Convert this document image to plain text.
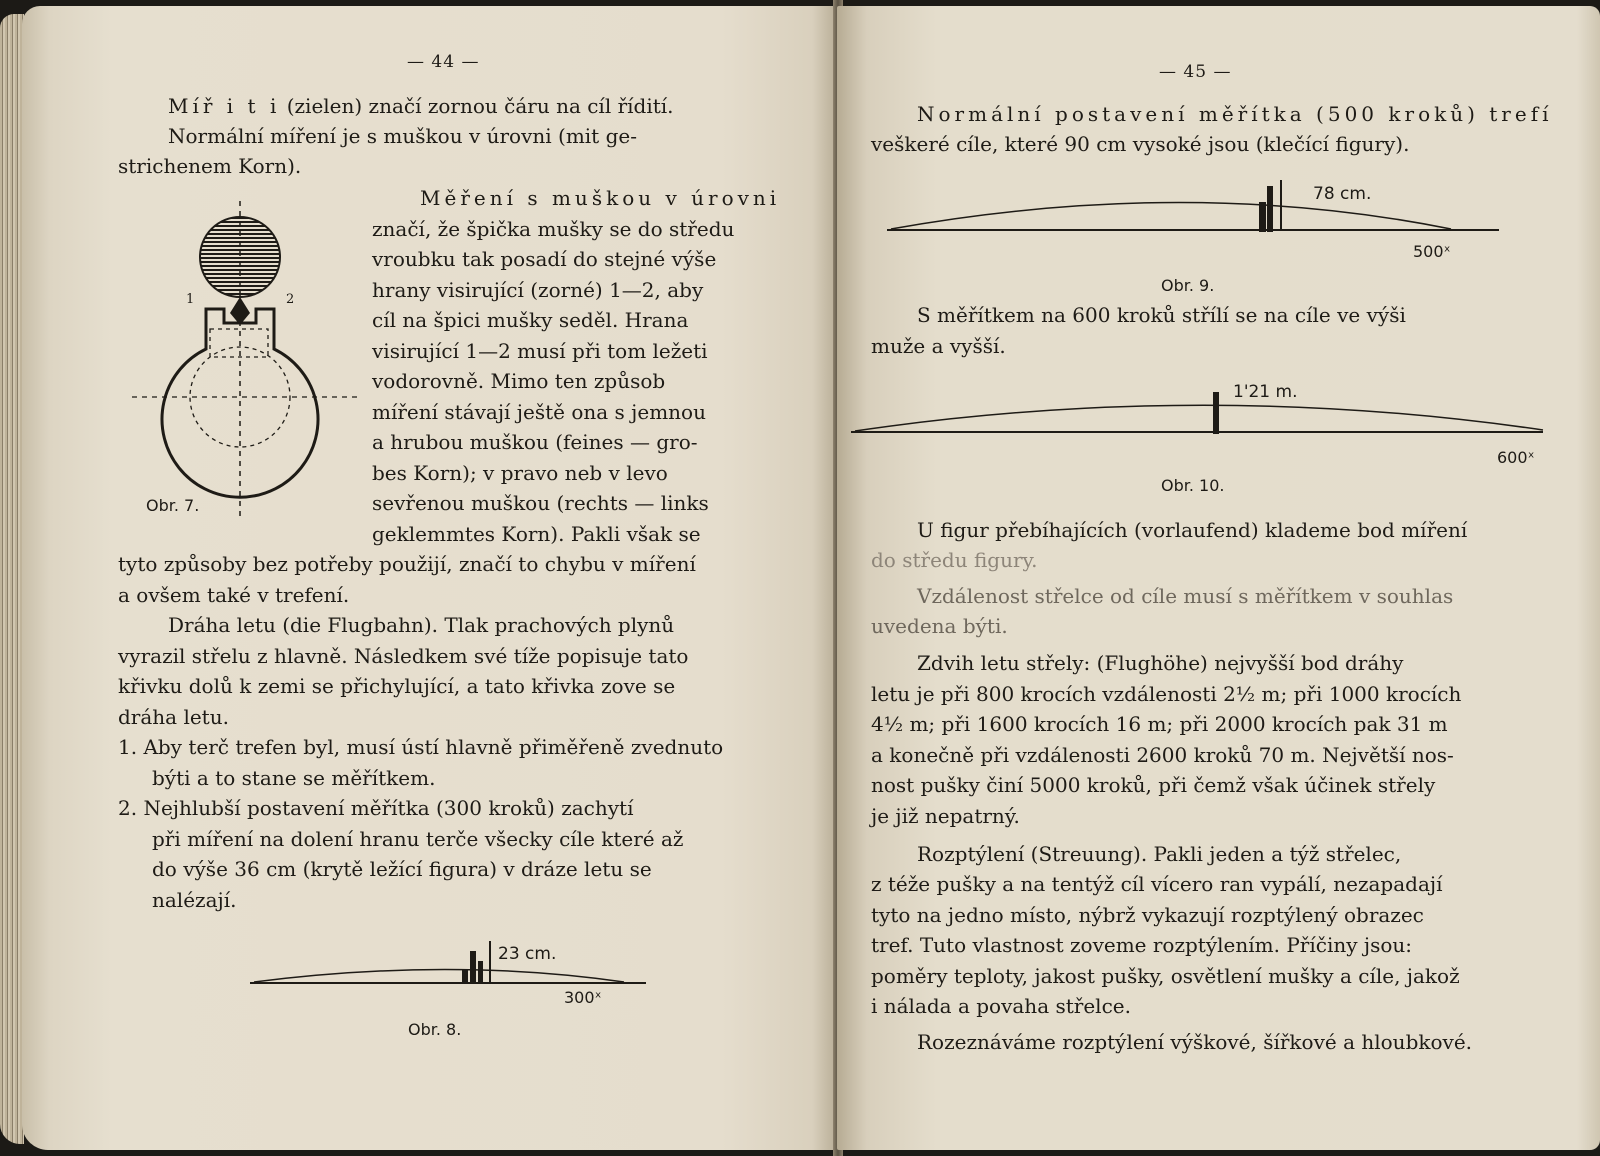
— 44 —
Míř i t i (zielen) značí zornou čáru na cíl řídití.
Normální míření je s muškou v úrovni (mit ge-
strichenem Korn).
Měření s muškou v úrovni
značí, že špička mušky se do středu
vroubku tak posadí do stejné výše
hrany visirující (zorné) 1—2, aby
cíl na špici mušky seděl. Hrana
visirující 1—2 musí při tom ležeti
vodorovně. Mimo ten způsob
míření stávají ještě ona s jemnou
a hrubou muškou (feines — gro-
bes Korn); v pravo neb v levo
sevřenou muškou (rechts — links
geklemmtes Korn). Pakli však se
tyto způsoby bez potřeby použijí, značí to chybu v míření
a ovšem také v trefení.
Dráha letu (die Flugbahn). Tlak prachových plynů
vyrazil střelu z hlavně. Následkem své tíže popisuje tato
křivku dolů k zemi se přichylující, a tato křivka zove se
dráha letu.
1. Aby terč trefen byl, musí ústí hlavně přiměřeně zvednuto
býti a to stane se měřítkem.
2. Nejhlubší postavení měřítka (300 kroků) zachytí
při míření na dolení hranu terče všecky cíle které až
do výše 36 cm (krytě ležící figura) v dráze letu se
nalézají.
1	2
Obr. 7.
23 cm.
300ˣ
Obr. 8.
— 45 —
Normální postavení měřítka (500 kroků) trefí
veškeré cíle, které 90 cm vysoké jsou (klečící figury).
78 cm.
500ˣ
Obr. 9.
S měřítkem na 600 kroků střílí se na cíle ve výši
muže a vyšší.
1'21 m.
600ˣ
Obr. 10.
U figur přebíhajících (vorlaufend) klademe bod míření
do středu figury.
Vzdálenost střelce od cíle musí s měřítkem v souhlas
uvedena býti.
Zdvih letu střely: (Flughöhe) nejvyšší bod dráhy
letu je při 800 krocích vzdálenosti 2½ m; při 1000 krocích
4½ m; při 1600 krocích 16 m; při 2000 krocích pak 31 m
a konečně při vzdálenosti 2600 kroků 70 m. Největší nos-
nost pušky činí 5000 kroků, při čemž však účinek střely
je již nepatrný.
Rozptýlení (Streuung). Pakli jeden a týž střelec,
z téže pušky a na tentýž cíl vícero ran vypálí, nezapadají
tyto na jedno místo, nýbrž vykazují rozptýlený obrazec
tref. Tuto vlastnost zoveme rozptýlením. Příčiny jsou:
poměry teploty, jakost pušky, osvětlení mušky a cíle, jakož
i nálada a povaha střelce.
Rozeznáváme rozptýlení výškové, šířkové a hloubkové.
